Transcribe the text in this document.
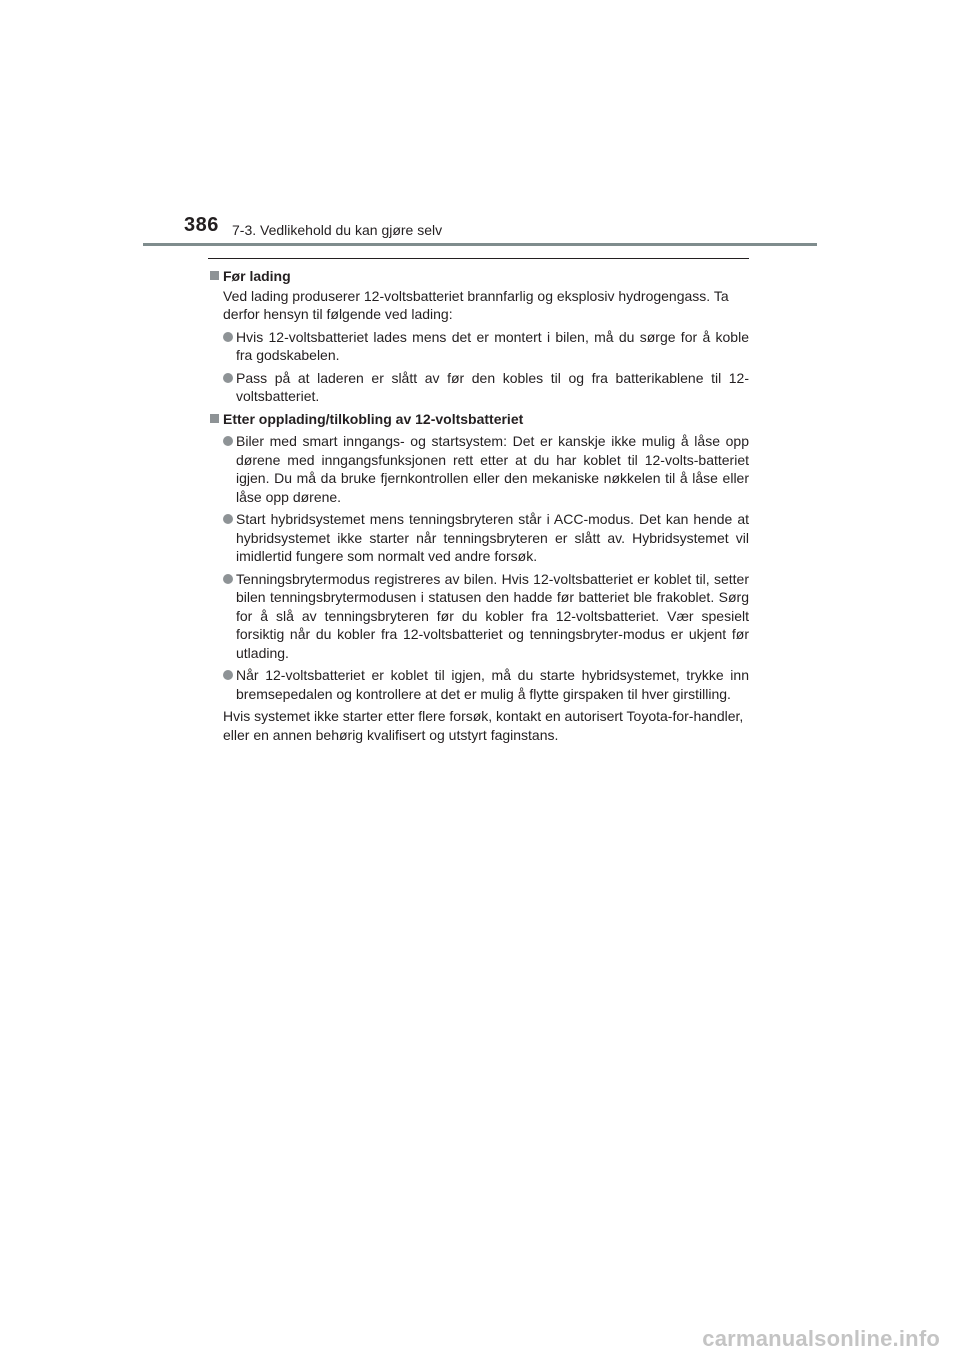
386 7-3. Vedlikehold du kan gjøre selv

Før lading

Ved lading produserer 12-voltsbatteriet brannfarlig og eksplosiv hydrogengass. Ta derfor hensyn til følgende ved lading:

Hvis 12-voltsbatteriet lades mens det er montert i bilen, må du sørge for å koble fra godskabelen.

Pass på at laderen er slått av før den kobles til og fra batterikablene til 12-voltsbatteriet.

Etter opplading/tilkobling av 12-voltsbatteriet

Biler med smart inngangs- og startsystem: Det er kanskje ikke mulig å låse opp dørene med inngangsfunksjonen rett etter at du har koblet til 12-volts-batteriet igjen. Du må da bruke fjernkontrollen eller den mekaniske nøkkelen til å låse eller låse opp dørene.

Start hybridsystemet mens tenningsbryteren står i ACC-modus. Det kan hende at hybridsystemet ikke starter når tenningsbryteren er slått av. Hybridsystemet vil imidlertid fungere som normalt ved andre forsøk.

Tenningsbrytermodus registreres av bilen. Hvis 12-voltsbatteriet er koblet til, setter bilen tenningsbrytermodusen i statusen den hadde før batteriet ble frakoblet. Sørg for å slå av tenningsbryteren før du kobler fra 12-voltsbatteriet. Vær spesielt forsiktig når du kobler fra 12-voltsbatteriet og tenningsbryter-modus er ukjent før utlading.

Når 12-voltsbatteriet er koblet til igjen, må du starte hybridsystemet, trykke inn bremsepedalen og kontrollere at det er mulig å flytte girspaken til hver girstilling.

Hvis systemet ikke starter etter flere forsøk, kontakt en autorisert Toyota-for-handler, eller en annen behørig kvalifisert og utstyrt faginstans.

carmanualsonline.info
